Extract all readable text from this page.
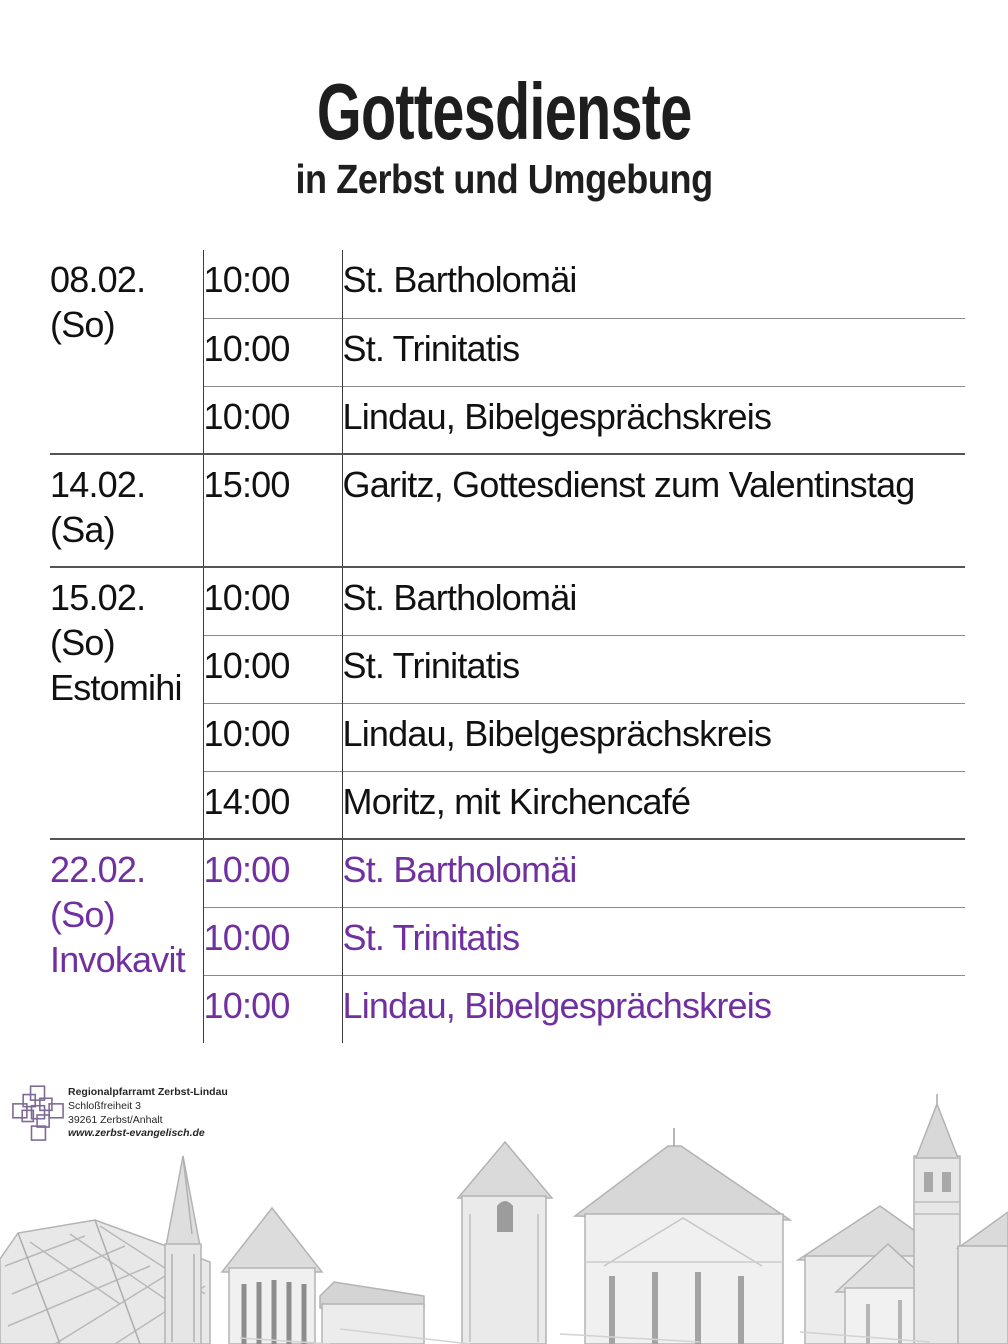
Gottesdienste
in Zerbst und Umgebung
08.02.
(So)	10:00	St. Bartholomäi
	10:00	St. Trinitatis
	10:00	Lindau, Bibelgesprächskreis

14.02.
(Sa)	15:00	Garitz, Gottesdienst zum Valentinstag

15.02.
(So)
Estomihi	10:00	St. Bartholomäi
	10:00	St. Trinitatis
	10:00	Lindau, Bibelgesprächskreis
	14:00	Moritz, mit Kirchencafé

22.02.
(So)
Invokavit	10:00	St. Bartholomäi
	10:00	St. Trinitatis
	10:00	Lindau, Bibelgesprächskreis
Regionalpfarramt Zerbst-Lindau
Schloßfreiheit 3
39261 Zerbst/Anhalt
www.zerbst-evangelisch.de
